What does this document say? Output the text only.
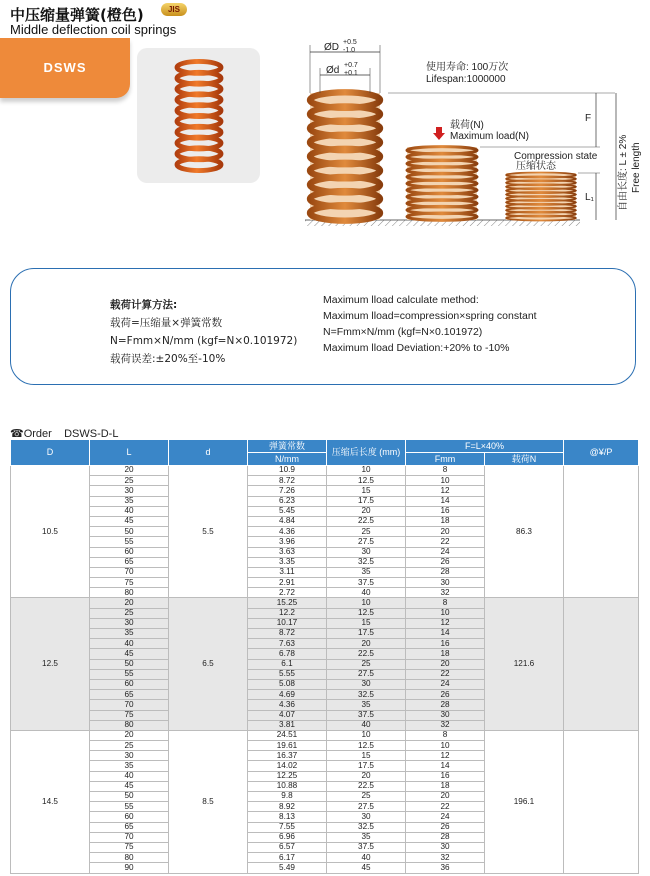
中压缩量弹簧(橙色)	JIS
Middle deflection coil springs
DSWS
ØD +0.5
-1.0
Ød +0.7
+0.1
使用寿命: 100万次
Lifespan:1000000
载荷(N)
Maximum load(N)
Compression state
压缩状态
F
L₁ 自由长度: L ± 2% Free length
载荷计算方法:
载荷=压缩量×弹簧常数
N=Fmm×N/mm (kgf=N×0.101972)
载荷误差:±20%至-10%
Maximum lload calculate method:
Maximum lload=compression×spring constant
N=Fmm×N/mm (kgf=N×0.101972)
Maximum lload Deviation:+20% to -10%
☎Order DSWS-D-L
D	L	d	弹簧常数	压缩后长度 (mm)	F=L×40%		@¥/P
			N/mm		Fmm	载荷N	
10.5	20	5.5	10.9	10	8	86.3	
	25		8.72	12.5	10		
	30		7.26	15	12		
	35		6.23	17.5	14		
	40		5.45	20	16		
	45		4.84	22.5	18		
	50		4.36	25	20		
	55		3.96	27.5	22		
	60		3.63	30	24		
	65		3.35	32.5	26		
	70		3.11	35	28		
	75		2.91	37.5	30		
	80		2.72	40	32		
12.5	20	6.5	15.25	10	8	121.6	
	25		12.2	12.5	10		
	30		10.17	15	12		
	35		8.72	17.5	14		
	40		7.63	20	16		
	45		6.78	22.5	18		
	50		6.1	25	20		
	55		5.55	27.5	22		
	60		5.08	30	24		
	65		4.69	32.5	26		
	70		4.36	35	28		
	75		4.07	37.5	30		
	80		3.81	40	32		
14.5	20	8.5	24.51	10	8	196.1	
	25		19.61	12.5	10		
	30		16.37	15	12		
	35		14.02	17.5	14		
	40		12.25	20	16		
	45		10.88	22.5	18		
	50		9.8	25	20		
	55		8.92	27.5	22		
	60		8.13	30	24		
	65		7.55	32.5	26		
	70		6.96	35	28		
	75		6.57	37.5	30		
	80		6.17	40	32		
	90		5.49	45	36		
